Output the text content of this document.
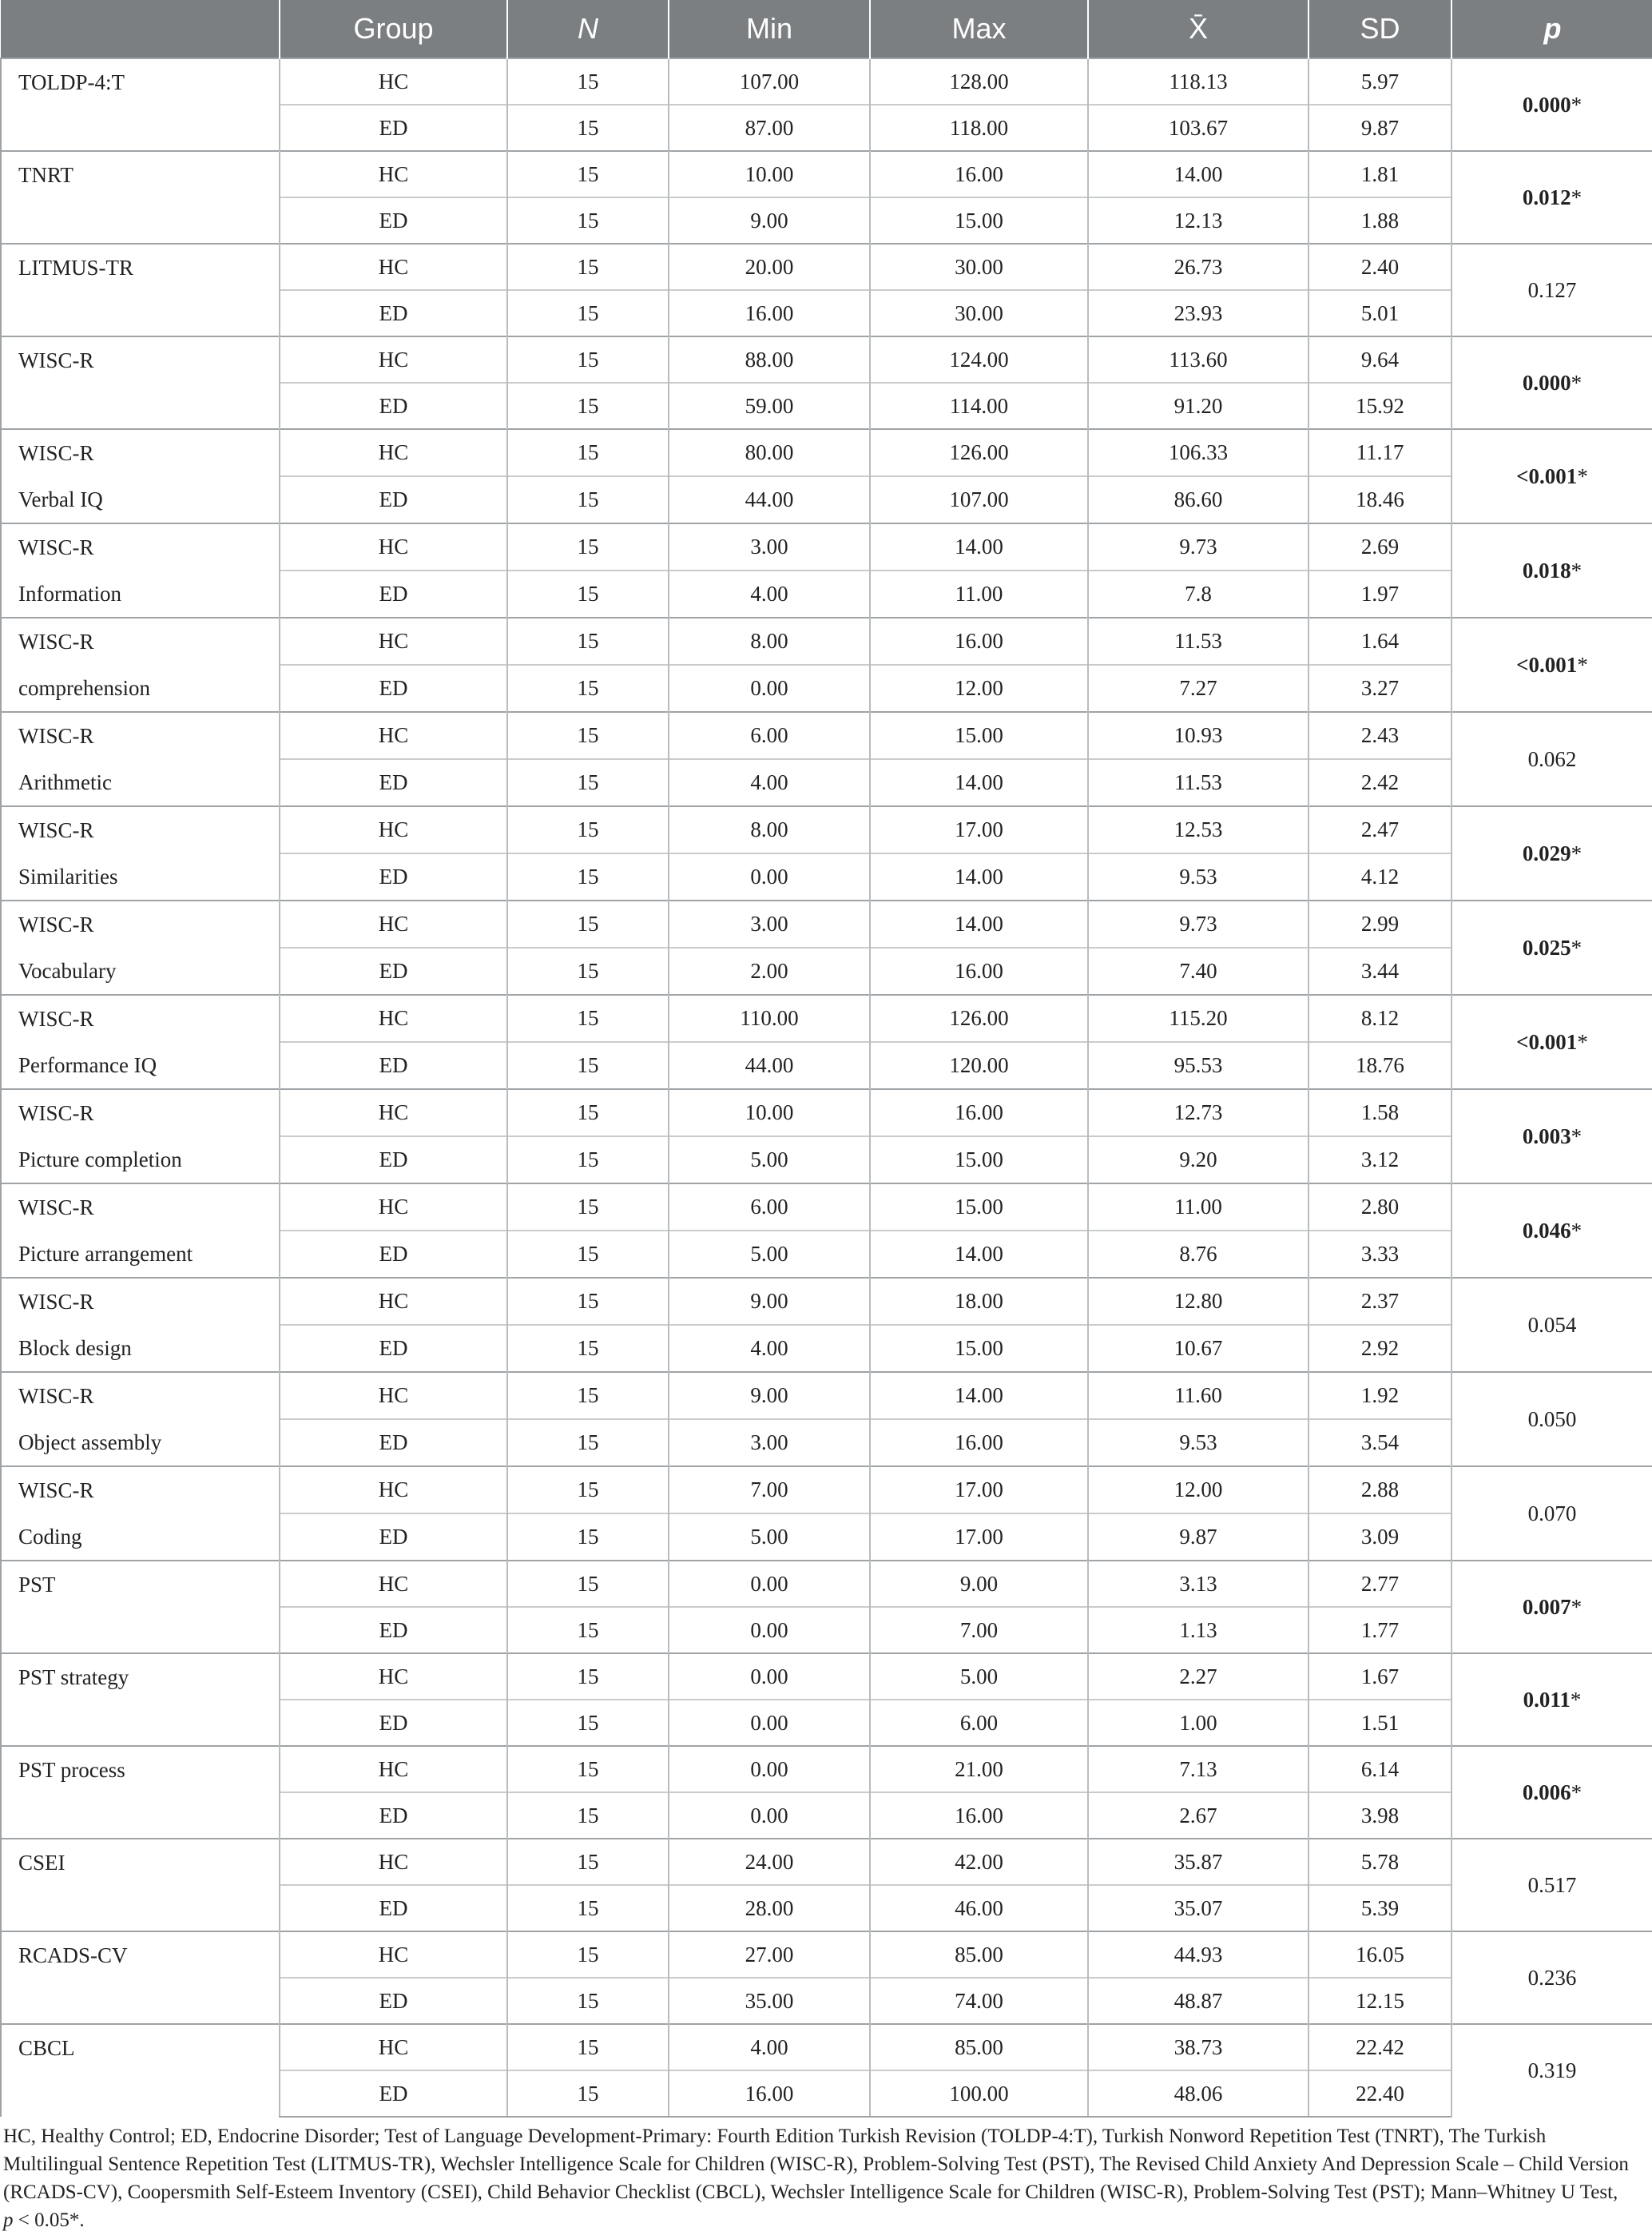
	Group	N	Min	Max	X̄	SD	p

TOLDP-4:T	HC	15	107.00	128.00	118.13	5.97	0.000*
	ED	15	87.00	118.00	103.67	9.87	

TNRT	HC	15	10.00	16.00	14.00	1.81	0.012*
	ED	15	9.00	15.00	12.13	1.88	

LITMUS-TR	HC	15	20.00	30.00	26.73	2.40	0.127
	ED	15	16.00	30.00	23.93	5.01	

WISC-R	HC	15	88.00	124.00	113.60	9.64	0.000*
	ED	15	59.00	114.00	91.20	15.92	

WISC-R
Verbal IQ	HC	15	80.00	126.00	106.33	11.17	<0.001*
	ED	15	44.00	107.00	86.60	18.46	

WISC-R
Information	HC	15	3.00	14.00	9.73	2.69	0.018*
	ED	15	4.00	11.00	7.8	1.97	

WISC-R
comprehension	HC	15	8.00	16.00	11.53	1.64	<0.001*
	ED	15	0.00	12.00	7.27	3.27	

WISC-R
Arithmetic	HC	15	6.00	15.00	10.93	2.43	0.062
	ED	15	4.00	14.00	11.53	2.42	

WISC-R
Similarities	HC	15	8.00	17.00	12.53	2.47	0.029*
	ED	15	0.00	14.00	9.53	4.12	

WISC-R
Vocabulary	HC	15	3.00	14.00	9.73	2.99	0.025*
	ED	15	2.00	16.00	7.40	3.44	

WISC-R
Performance IQ	HC	15	110.00	126.00	115.20	8.12	<0.001*
	ED	15	44.00	120.00	95.53	18.76	

WISC-R
Picture completion	HC	15	10.00	16.00	12.73	1.58	0.003*
	ED	15	5.00	15.00	9.20	3.12	

WISC-R
Picture arrangement	HC	15	6.00	15.00	11.00	2.80	0.046*
	ED	15	5.00	14.00	8.76	3.33	

WISC-R
Block design	HC	15	9.00	18.00	12.80	2.37	0.054
	ED	15	4.00	15.00	10.67	2.92	

WISC-R
Object assembly	HC	15	9.00	14.00	11.60	1.92	0.050
	ED	15	3.00	16.00	9.53	3.54	

WISC-R
Coding	HC	15	7.00	17.00	12.00	2.88	0.070
	ED	15	5.00	17.00	9.87	3.09	

PST	HC	15	0.00	9.00	3.13	2.77	0.007*
	ED	15	0.00	7.00	1.13	1.77	

PST strategy	HC	15	0.00	5.00	2.27	1.67	0.011*
	ED	15	0.00	6.00	1.00	1.51	

PST process	HC	15	0.00	21.00	7.13	6.14	0.006*
	ED	15	0.00	16.00	2.67	3.98	

CSEI	HC	15	24.00	42.00	35.87	5.78	0.517
	ED	15	28.00	46.00	35.07	5.39	

RCADS-CV	HC	15	27.00	85.00	44.93	16.05	0.236
	ED	15	35.00	74.00	48.87	12.15	

CBCL	HC	15	4.00	85.00	38.73	22.42	0.319
	ED	15	16.00	100.00	48.06	22.40	
HC, Healthy Control; ED, Endocrine Disorder; Test of Language Development-Primary: Fourth Edition Turkish Revision (TOLDP-4:T), Turkish Nonword Repetition Test (TNRT), The Turkish Multilingual Sentence Repetition Test (LITMUS-TR), Wechsler Intelligence Scale for Children (WISC-R), Problem-Solving Test (PST), The Revised Child Anxiety And Depression Scale – Child Version (RCADS-CV), Coopersmith Self-Esteem Inventory (CSEI), Child Behavior Checklist (CBCL), Wechsler Intelligence Scale for Children (WISC-R), Problem-Solving Test (PST); Mann–Whitney U Test, p < 0.05*.
